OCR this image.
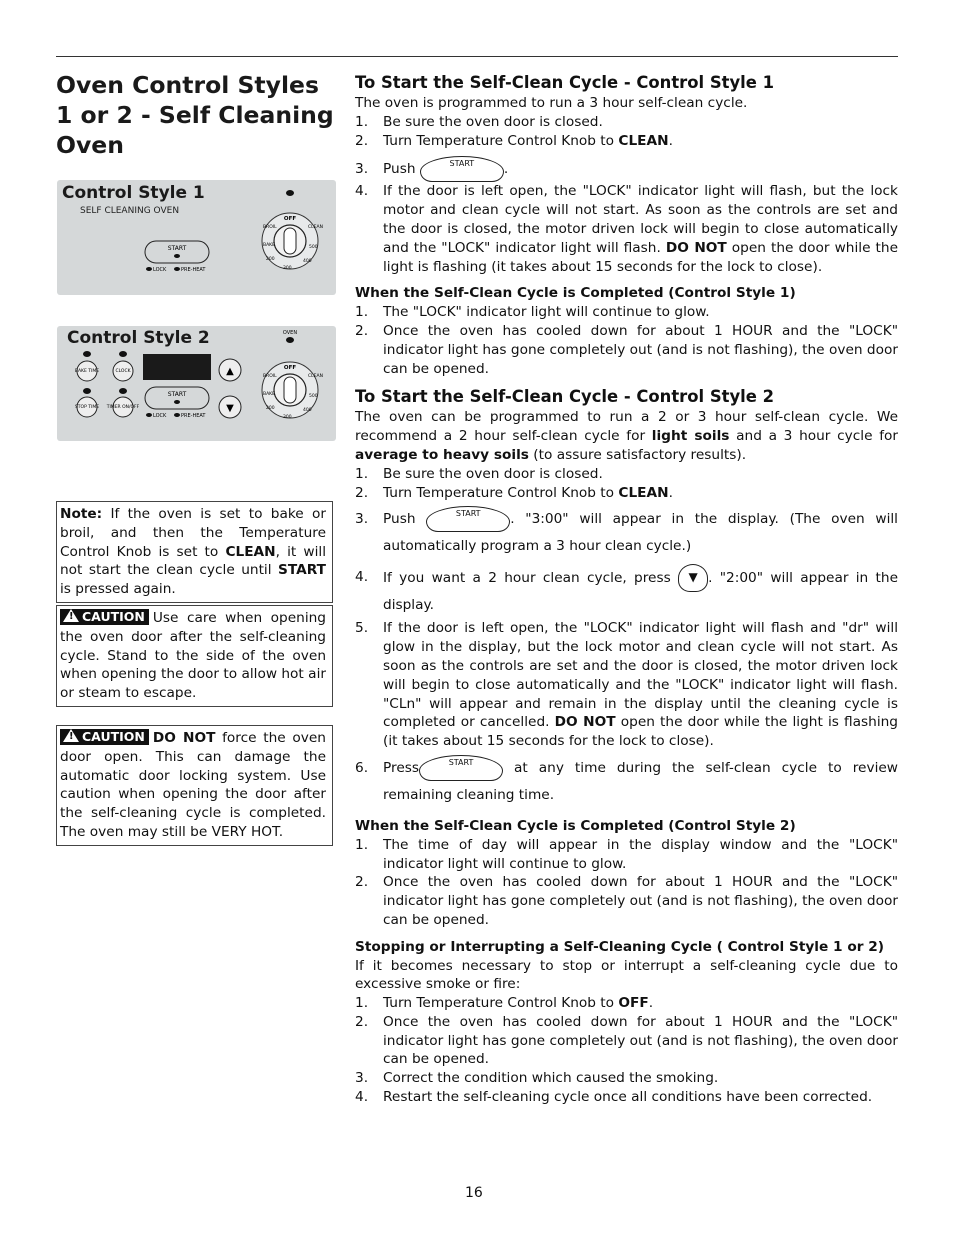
Oven Control Styles 1 or 2 - Self Cleaning Oven
Control Style 1
SELF CLEANING OVEN
START
LOCK	PRE-HEAT
OFF
CLEAN
BROIL
BAKE
200
300
400
500
Control Style 2	OVEN
BAKE TIME	CLOCK
STOP TIME TIMER ON/OFF
START
LOCK	PRE-HEAT
▲
▼
OFF
CLEAN
BROIL
BAKE
200
300
400
500
Note: If the oven is set to bake or broil, and then the Temperature Control Knob is set to CLEAN, it will not start the clean cycle until START is pressed again.
! CAUTION Use care when opening the oven door after the self-cleaning cycle. Stand to the side of the oven when opening the door to allow hot air or steam to escape.
! CAUTION DO NOT force the oven door open. This can damage the automatic door locking system. Use caution when opening the door after the self-cleaning cycle is completed. The oven may still be VERY HOT.
To Start the Self-Clean Cycle - Control Style 1
The oven is programmed to run a 3 hour self-clean cycle.
1. Be sure the oven door is closed.
2. Turn Temperature Control Knob to CLEAN.
3. Push	START	.
4. If the door is left open, the "LOCK" indicator light will flash, but the lock motor and clean cycle will not start. As soon as the controls are set and the door is closed, the motor driven lock will begin to close automatically and the "LOCK" indicator light will flash. DO NOT open the door while the light is flashing (it takes about 15 seconds for the lock to close).
When the Self-Clean Cycle is Completed (Control Style 1)
1. The "LOCK" indicator light will continue to glow.
2. Once the oven has cooled down for about 1 HOUR and the "LOCK" indicator light has gone completely out (and is not flashing), the oven door can be opened.
To Start the Self-Clean Cycle - Control Style 2
The oven can be programmed to run a 2 or 3 hour self-clean cycle. We recommend a 2 hour self-clean cycle for light soils and a 3 hour cycle for average to heavy soils (to assure satisfactory results).
1. Be sure the oven door is closed.
2. Turn Temperature Control Knob to CLEAN.
3. Push	START	. "3:00" will appear in the display. (The oven will automatically program a 3 hour clean cycle.)
4. If you want a 2 hour clean cycle, press ▼ . "2:00" will appear in the display.
5. If the door is left open, the "LOCK" indicator light will flash and "dr" will glow in the display, but the lock motor and clean cycle will not start. As soon as the controls are set and the door is closed, the motor driven lock will begin to close automatically and the "LOCK" indicator light will flash. "CLn" will appear and remain in the display until the cleaning cycle is completed or cancelled. DO NOT open the door while the light is flashing (it takes about 15 seconds for the lock to close).
6. Press	START	at any time during the self-clean cycle to review remaining cleaning time.
When the Self-Clean Cycle is Completed (Control Style 2)
1. The time of day will appear in the display window and the "LOCK" indicator light will continue to glow.
2. Once the oven has cooled down for about 1 HOUR and the "LOCK" indicator light has gone completely out (and is not flashing), the oven door can be opened.
Stopping or Interrupting a Self-Cleaning Cycle ( Control Style 1 or 2)
If it becomes necessary to stop or interrupt a self-cleaning cycle due to excessive smoke or fire:
1. Turn Temperature Control Knob to OFF.
2. Once the oven has cooled down for about 1 HOUR and the "LOCK" indicator light has gone completely out (and is not flashing), the oven door can be opened.
3. Correct the condition which caused the smoking.
4. Restart the self-cleaning cycle once all conditions have been corrected.
16
